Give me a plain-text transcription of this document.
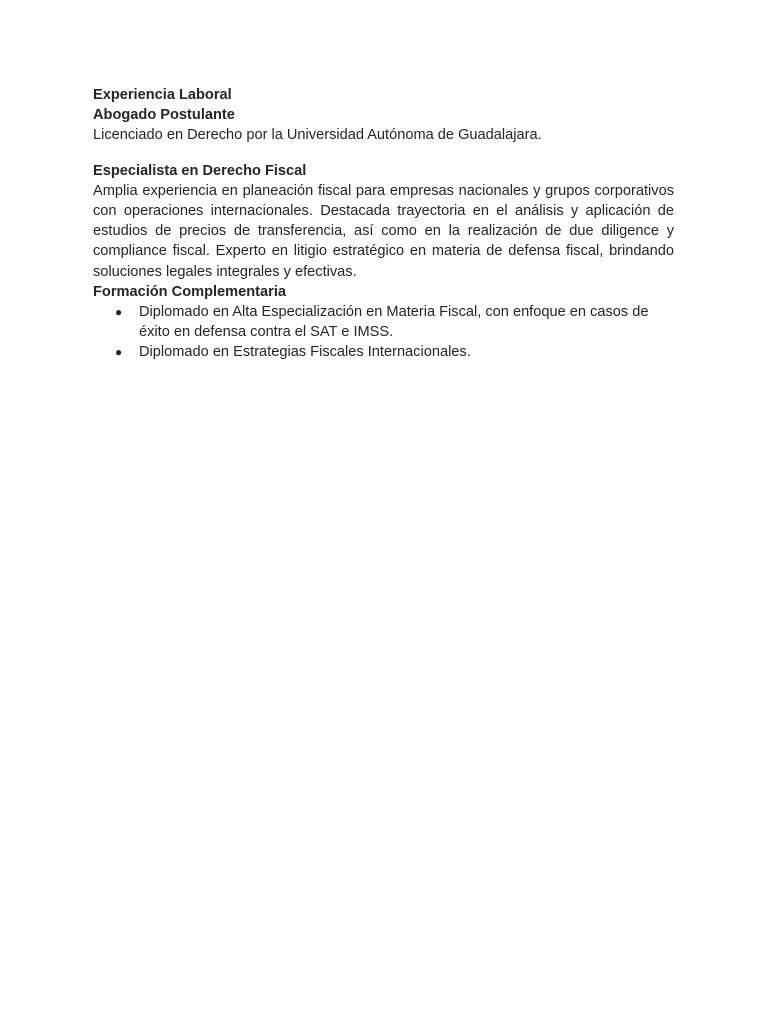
Experiencia Laboral
Abogado Postulante
Licenciado en Derecho por la Universidad Autónoma de Guadalajara.
Especialista en Derecho Fiscal
Amplia experiencia en planeación fiscal para empresas nacionales y grupos corporativos con operaciones internacionales. Destacada trayectoria en el análisis y aplicación de estudios de precios de transferencia, así como en la realización de due diligence y compliance fiscal. Experto en litigio estratégico en materia de defensa fiscal, brindando soluciones legales integrales y efectivas.
Formación Complementaria
● Diplomado en Alta Especialización en Materia Fiscal, con enfoque en casos de éxito en defensa contra el SAT e IMSS.
● Diplomado en Estrategias Fiscales Internacionales.
